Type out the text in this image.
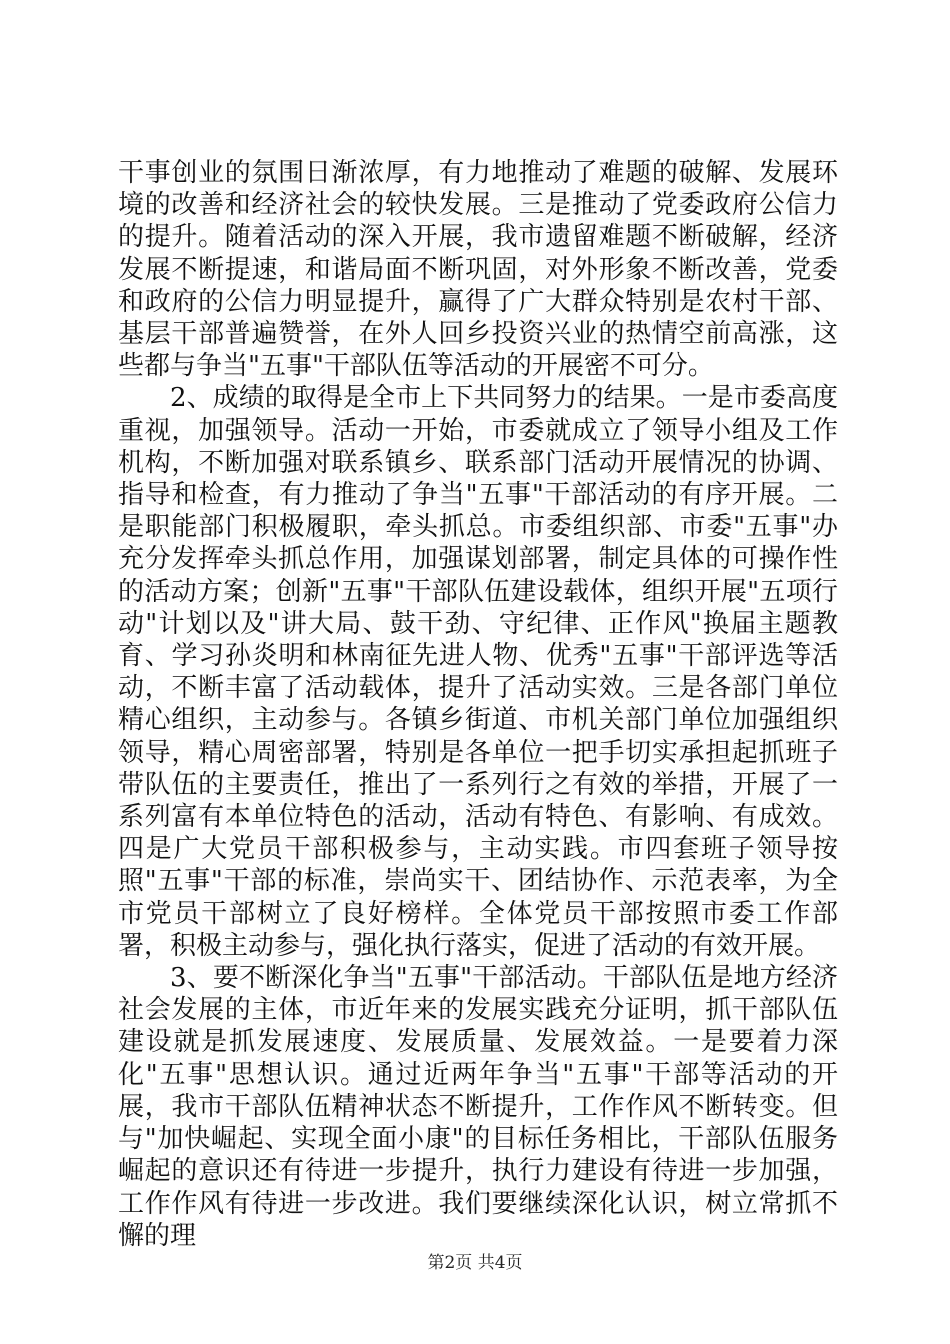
干事创业的氛围日渐浓厚，有力地推动了难题的破解、发展环境的改善和经济社会的较快发展。三是推动了党委政府公信力的提升。随着活动的深入开展，我市遗留难题不断破解，经济发展不断提速，和谐局面不断巩固，对外形象不断改善，党委和政府的公信力明显提升，赢得了广大群众特别是农村干部、基层干部普遍赞誉，在外人回乡投资兴业的热情空前高涨，这些都与争当"五事"干部队伍等活动的开展密不可分。

2、成绩的取得是全市上下共同努力的结果。一是市委高度重视，加强领导。活动一开始，市委就成立了领导小组及工作机构，不断加强对联系镇乡、联系部门活动开展情况的协调、指导和检查，有力推动了争当"五事"干部活动的有序开展。二是职能部门积极履职，牵头抓总。市委组织部、市委"五事"办充分发挥牵头抓总作用，加强谋划部署，制定具体的可操作性的活动方案；创新"五事"干部队伍建设载体，组织开展"五项行动"计划以及"讲大局、鼓干劲、守纪律、正作风"换届主题教育、学习孙炎明和林南征先进人物、优秀"五事"干部评选等活动，不断丰富了活动载体，提升了活动实效。三是各部门单位精心组织，主动参与。各镇乡街道、市机关部门单位加强组织领导，精心周密部署，特别是各单位一把手切实承担起抓班子带队伍的主要责任，推出了一系列行之有效的举措，开展了一系列富有本单位特色的活动，活动有特色、有影响、有成效。四是广大党员干部积极参与，主动实践。市四套班子领导按照"五事"干部的标准，崇尚实干、团结协作、示范表率，为全市党员干部树立了良好榜样。全体党员干部按照市委工作部署，积极主动参与，强化执行落实，促进了活动的有效开展。

3、要不断深化争当"五事"干部活动。干部队伍是地方经济社会发展的主体，市近年来的发展实践充分证明，抓干部队伍建设就是抓发展速度、发展质量、发展效益。一是要着力深化"五事"思想认识。通过近两年争当"五事"干部等活动的开展，我市干部队伍精神状态不断提升，工作作风不断转变。但与"加快崛起、实现全面小康"的目标任务相比，干部队伍服务崛起的意识还有待进一步提升，执行力建设有待进一步加强，工作作风有待进一步改进。我们要继续深化认识，树立常抓不懈的理

第2页 共4页
